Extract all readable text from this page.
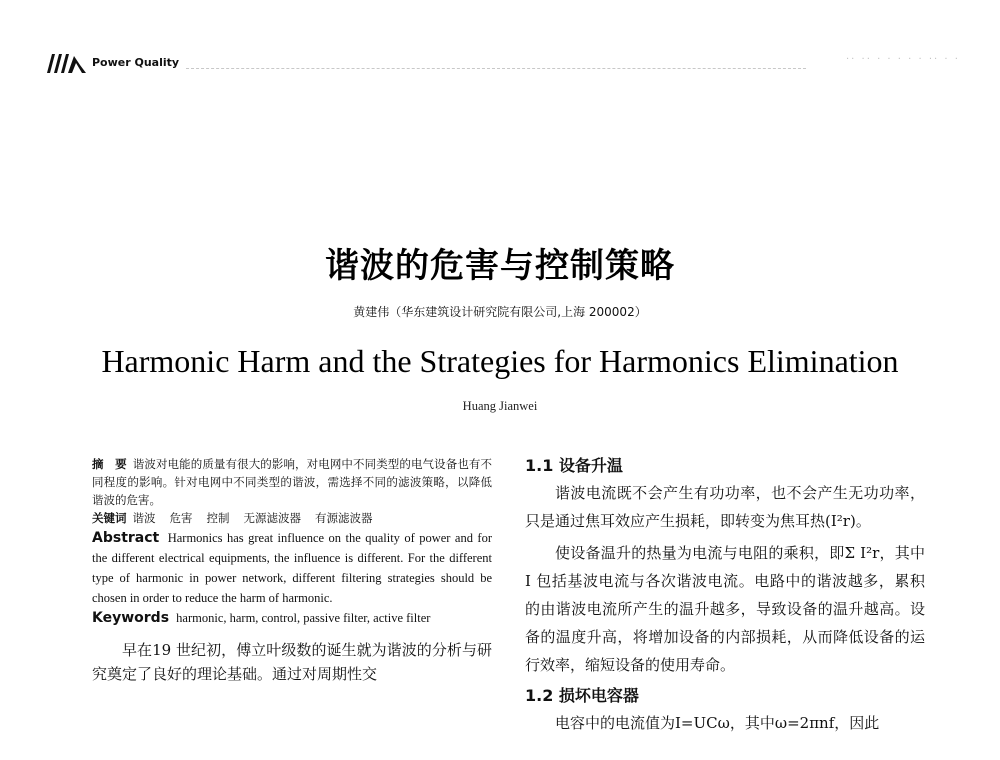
Power Quality	·· ·· · · · · · ·· · ·
谐波的危害与控制策略
黄建伟（华东建筑设计研究院有限公司,上海 200002）
Harmonic Harm and the Strategies for Harmonics Elimination
Huang Jianwei

摘　要 谐波对电能的质量有很大的影响，对电网中不同类型的电气设备也有不同程度的影响。针对电网中不同类型的谐波，需选择不同的滤波策略，以降低谐波的危害。

关键词 谐波 危害 控制 无源滤波器 有源滤波器

Abstract Harmonics has great influence on the quality of power and for the different electrical equipments, the influence is different. For the different type of harmonic in power network, different filtering strategies should be chosen in order to reduce the harm of harmonic.

Keywords harmonic, harm, control, passive filter, active filter

早在19 世纪初，傅立叶级数的诞生就为谐波的分析与研究奠定了良好的理论基础。通过对周期性交

1.1 设备升温

谐波电流既不会产生有功功率，也不会产生无功功率，只是通过焦耳效应产生损耗，即转变为焦耳热(I²r)。

使设备温升的热量为电流与电阻的乘积，即Σ I²r，其中I 包括基波电流与各次谐波电流。电路中的谐波越多，累积的由谐波电流所产生的温升越多，导致设备的温升越高。设备的温度升高，将增加设备的内部损耗，从而降低设备的运行效率，缩短设备的使用寿命。

1.2 损坏电容器

电容中的电流值为I=UCω，其中ω=2πnf，因此
